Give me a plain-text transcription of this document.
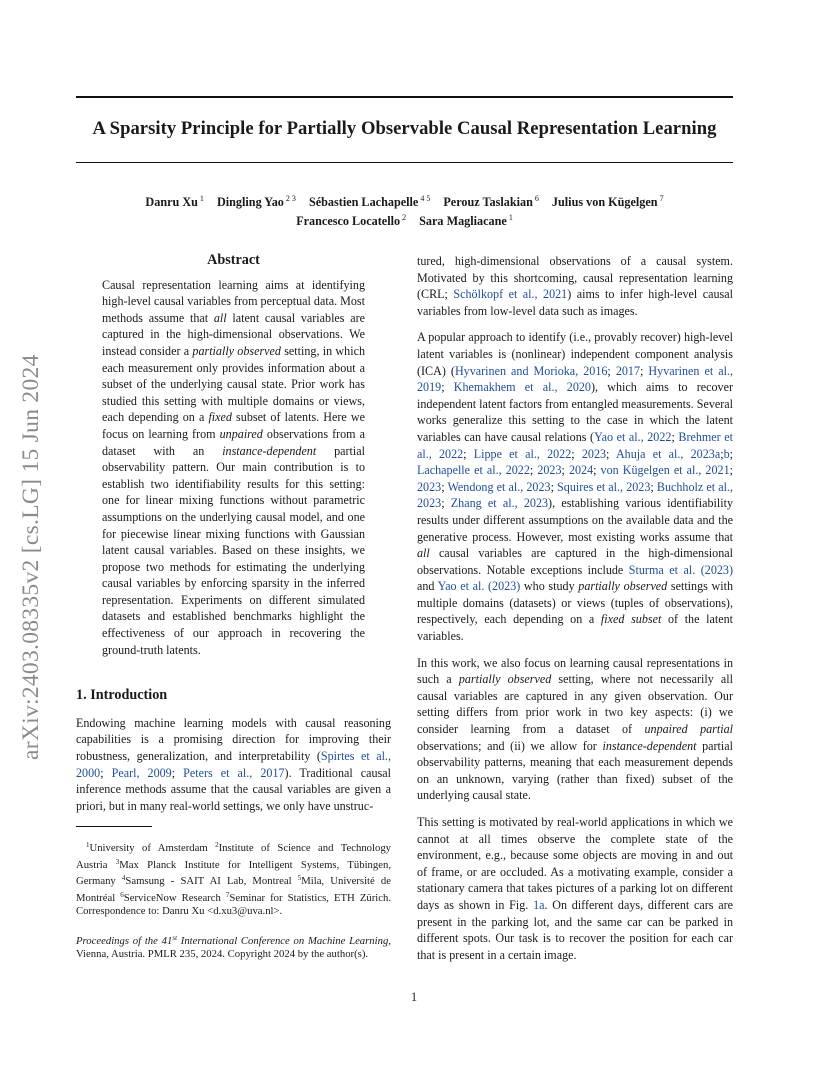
A Sparsity Principle for Partially Observable Causal Representation Learning
Danru Xu $^1$ Dingling Yao $^{2 3}$ Sébastien Lachapelle $^{4 5}$ Perouz Taslakian $^6$ Julius von Kügelgen $^7$
Francesco Locatello $^2$ Sara Magliacane $^1$
arXiv:2403.08335v2 [cs.LG] 15 Jun 2024
Abstract
Causal representation learning aims at identifying high-level causal variables from perceptual data. Most methods assume that all latent causal variables are captured in the high-dimensional observations. We instead consider a partially observed setting, in which each measurement only provides information about a subset of the underlying causal state. Prior work has studied this setting with multiple domains or views, each depending on a fixed subset of latents. Here we focus on learning from unpaired observations from a dataset with an instance-dependent partial observability pattern. Our main contribution is to establish two identifiability results for this setting: one for linear mixing functions without parametric assumptions on the underlying causal model, and one for piecewise linear mixing functions with Gaussian latent causal variables. Based on these insights, we propose two methods for estimating the underlying causal variables by enforcing sparsity in the inferred representation. Experiments on different simulated datasets and established benchmarks highlight the effectiveness of our approach in recovering the ground-truth latents.
1. Introduction
Endowing machine learning models with causal reasoning capabilities is a promising direction for improving their robustness, generalization, and interpretability (Spirtes et al., 2000; Pearl, 2009; Peters et al., 2017). Traditional causal inference methods assume that the causal variables are given a priori, but in many real-world settings, we only have unstruc-

$^1$University of Amsterdam $^2$Institute of Science and Technology Austria $^3$Max Planck Institute for Intelligent Systems, Tübingen, Germany $^4$Samsung - SAIT AI Lab, Montreal $^5$Mila, Université de Montréal $^6$ServiceNow Research $^7$Seminar for Statistics, ETH Zürich. Correspondence to: Danru Xu <d.xu3@uva.nl>.

Proceedings of the 41st International Conference on Machine Learning, Vienna, Austria. PMLR 235, 2024. Copyright 2024 by the author(s).
tured, high-dimensional observations of a causal system. Motivated by this shortcoming, causal representation learning (CRL; Schölkopf et al., 2021) aims to infer high-level causal variables from low-level data such as images.
A popular approach to identify (i.e., provably recover) high-level latent variables is (nonlinear) independent component analysis (ICA) (Hyvarinen and Morioka, 2016; 2017; Hyvarinen et al., 2019; Khemakhem et al., 2020), which aims to recover independent latent factors from entangled measurements. Several works generalize this setting to the case in which the latent variables can have causal relations (Yao et al., 2022; Brehmer et al., 2022; Lippe et al., 2022; 2023; Ahuja et al., 2023a;b; Lachapelle et al., 2022; 2023; 2024; von Kügelgen et al., 2021; 2023; Wendong et al., 2023; Squires et al., 2023; Buchholz et al., 2023; Zhang et al., 2023), establishing various identifiability results under different assumptions on the available data and the generative process. However, most existing works assume that all causal variables are captured in the high-dimensional observations. Notable exceptions include Sturma et al. (2023) and Yao et al. (2023) who study partially observed settings with multiple domains (datasets) or views (tuples of observations), respectively, each depending on a fixed subset of the latent variables.
In this work, we also focus on learning causal representations in such a partially observed setting, where not necessarily all causal variables are captured in any given observation. Our setting differs from prior work in two key aspects: (i) we consider learning from a dataset of unpaired partial observations; and (ii) we allow for instance-dependent partial observability patterns, meaning that each measurement depends on an unknown, varying (rather than fixed) subset of the underlying causal state.
This setting is motivated by real-world applications in which we cannot at all times observe the complete state of the environment, e.g., because some objects are moving in and out of frame, or are occluded. As a motivating example, consider a stationary camera that takes pictures of a parking lot on different days as shown in Fig. 1a. On different days, different cars are present in the parking lot, and the same car can be parked in different spots. Our task is to recover the position for each car that is present in a certain image.
1
